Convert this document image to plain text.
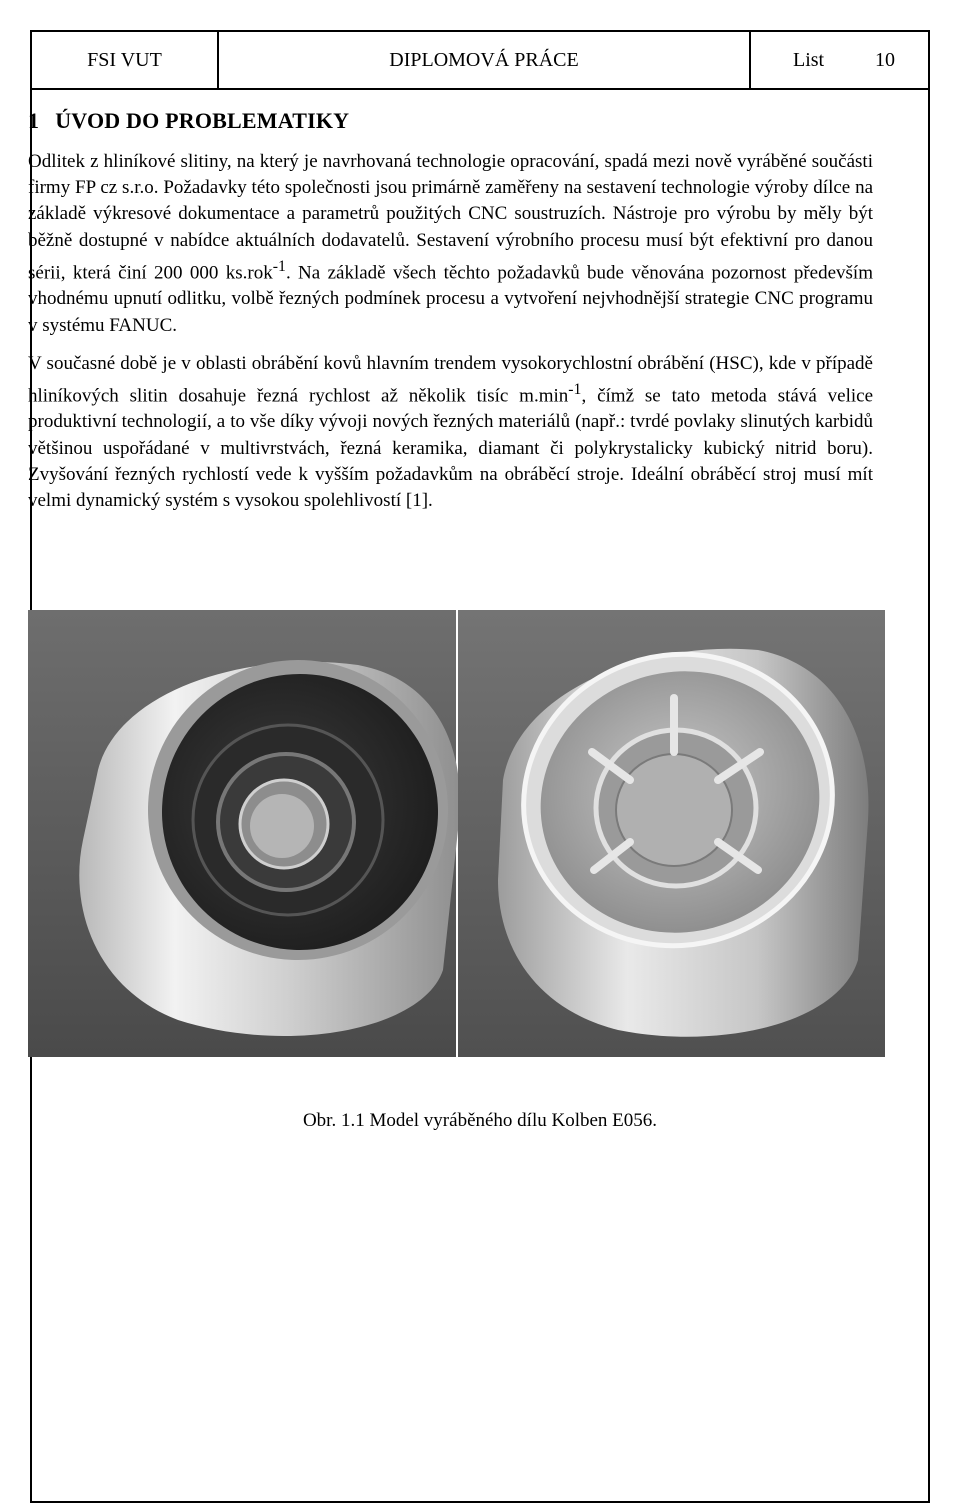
FSI VUT	DIPLOMOVÁ PRÁCE	List	10
1 ÚVOD DO PROBLEMATIKY

Odlitek z hliníkové slitiny, na který je navrhovaná technologie opracování, spadá mezi nově vyráběné součásti firmy FP cz s.r.o. Požadavky této společnosti jsou primárně zaměřeny na sestavení technologie výroby dílce na základě výkresové dokumentace a parametrů použitých CNC soustruzích. Nástroje pro výrobu by měly být běžně dostupné v nabídce aktuálních dodavatelů. Sestavení výrobního procesu musí být efektivní pro danou sérii, která činí 200 000 ks.rok$^{-1}$. Na základě všech těchto požadavků bude věnována pozornost především vhodnému upnutí odlitku, volbě řezných podmínek procesu a vytvoření nejvhodnější strategie CNC programu v systému FANUC.

V současné době je v oblasti obrábění kovů hlavním trendem vysokorychlostní obrábění (HSC), kde v případě hliníkových slitin dosahuje řezná rychlost až několik tisíc $m.\min^{-1}$, čímž se tato metoda stává velice produktivní technologií, a to vše díky vývoji nových řezných materiálů (např.: tvrdé povlaky slinutých karbidů většinou uspořádané v multivrstvách, řezná keramika, diamant či polykrystalicky kubický nitrid boru). Zvyšování řezných rychlostí vede k vyšším požadavkům na obráběcí stroje. Ideální obráběcí stroj musí mít velmi dynamický systém s vysokou spolehlivostí [1].

Obr. 1.1 Model vyráběného dílu Kolben E056.
